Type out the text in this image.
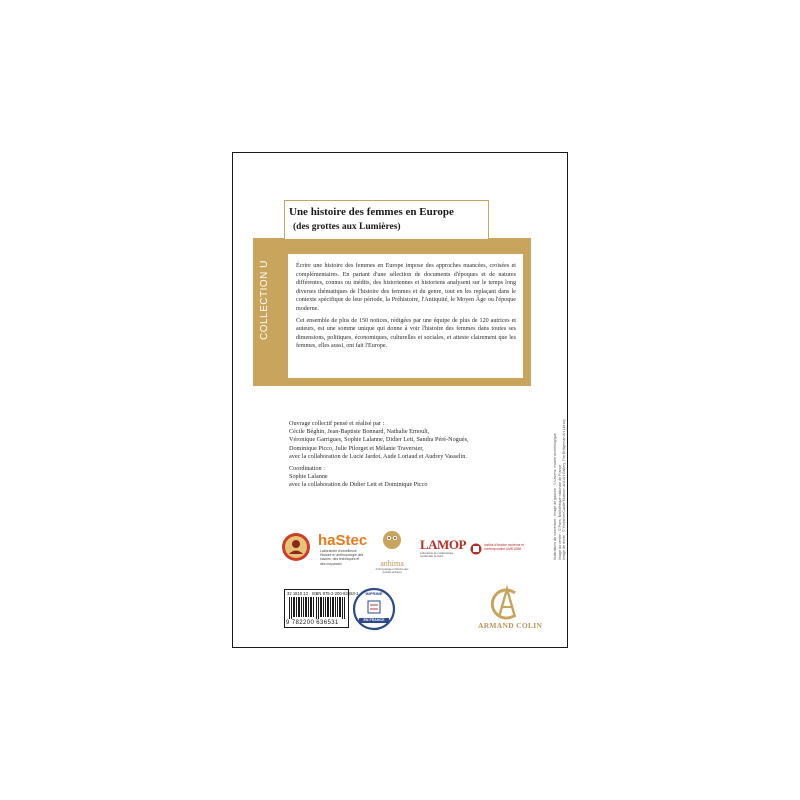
Une histoire des femmes en Europe
(des grottes aux Lumières)
COLLECTION U	Écrire une histoire des femmes en Europe impose des approches nuancées, croisées et complémentaires. En partant d'une sélection de documents d'époques et de natures différentes, connus ou inédits, des historiennes et historiens analysent sur le temps long diverses thématiques de l'histoire des femmes et du genre, tout en les replaçant dans le contexte spécifique de leur période, la Préhistoire, l'Antiquité, le Moyen Âge ou l'époque moderne.

Cet ensemble de plus de 150 notices, rédigées par une équipe de plus de 120 autrices et auteurs, est une somme unique qui donne à voir l'histoire des femmes dans toutes ses dimensions, politiques, économiques, culturelles et sociales, et atteste clairement que les femmes, elles aussi, ont fait l'Europe.

Ouvrage collectif pensé et réalisé par :
Cécile Béghin, Jean-Baptiste Bonnard, Nathalie Ernoult,
Véronique Garrigues, Sophie Lalanne, Didier Lett, Sandra Péré-Noguès,
Dominique Picco, Julie Pilorget et Mélanie Traversier,
avec la collaboration de Lucie Jardot, Aude Loriaud et Audrey Vasselin.
Coordination :
Sophie Lalanne
avec la collaboration de Didier Lett et Dominique Picco	Illustrations de couverture : Image de gauche : © Lavena, musée archéologique Image du centre : © Paris, Bibliothèque nationale de France Image de droite : © Yorkshire/Castle Museum and Art Gallery, The Bridgeman Art Library
haStec
Laboratoire d'excellence Histoire et anthropologie des savoirs, des techniques et des croyances	anhima
Anthropologie et histoire des mondes antiques
LAMOP
Laboratoire de médiévistique occidentale de Paris
Institut d'histoire moderne et contemporaine UMR 8066
32 1810 13 · ISBN 978-2-200-63653-1
9 782200 636531
IMPRIMÉ
EN FRANCE
ARMAND COLIN
